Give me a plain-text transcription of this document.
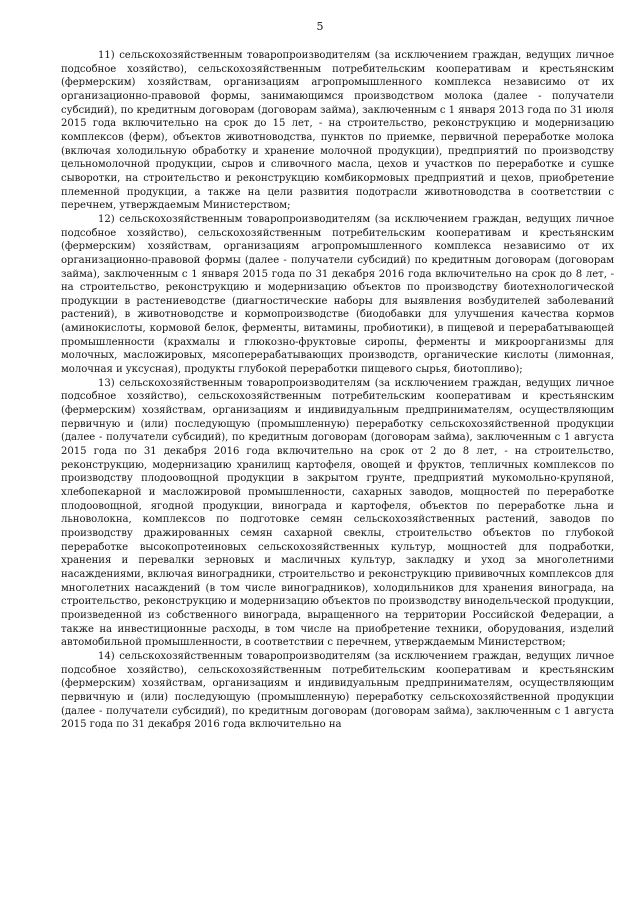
5

11) сельскохозяйственным товаропроизводителям (за исключением граждан, ведущих личное подсобное хозяйство), сельскохозяйственным потребительским кооперативам и крестьянским (фермерским) хозяйствам, организациям агропромышленного комплекса независимо от их организационно-правовой формы, занимающимся производством молока (далее - получатели субсидий), по кредитным договорам (договорам займа), заключенным с 1 января 2013 года по 31 июля 2015 года включительно на срок до 15 лет, - на строительство, реконструкцию и модернизацию комплексов (ферм), объектов животноводства, пунктов по приемке, первичной переработке молока (включая холодильную обработку и хранение молочной продукции), предприятий по производству цельномолочной продукции, сыров и сливочного масла, цехов и участков по переработке и сушке сыворотки, на строительство и реконструкцию комбикормовых предприятий и цехов, приобретение племенной продукции, а также на цели развития подотрасли животноводства в соответствии с перечнем, утверждаемым Министерством;

12) сельскохозяйственным товаропроизводителям (за исключением граждан, ведущих личное подсобное хозяйство), сельскохозяйственным потребительским кооперативам и крестьянским (фермерским) хозяйствам, организациям агропромышленного комплекса независимо от их организационно-правовой формы (далее - получатели субсидий) по кредитным договорам (договорам займа), заключенным с 1 января 2015 года по 31 декабря 2016 года включительно на срок до 8 лет, - на строительство, реконструкцию и модернизацию объектов по производству биотехнологической продукции в растениеводстве (диагностические наборы для выявления возбудителей заболеваний растений), в животноводстве и кормопроизводстве (биодобавки для улучшения качества кормов (аминокислоты, кормовой белок, ферменты, витамины, пробиотики), в пищевой и перерабатывающей промышленности (крахмалы и глюкозно-фруктовые сиропы, ферменты и микроорганизмы для молочных, масложировых, мясоперерабатывающих производств, органические кислоты (лимонная, молочная и уксусная), продукты глубокой переработки пищевого сырья, биотопливо);

13) сельскохозяйственным товаропроизводителям (за исключением граждан, ведущих личное подсобное хозяйство), сельскохозяйственным потребительским кооперативам и крестьянским (фермерским) хозяйствам, организациям и индивидуальным предпринимателям, осуществляющим первичную и (или) последующую (промышленную) переработку сельскохозяйственной продукции (далее - получатели субсидий), по кредитным договорам (договорам займа), заключенным с 1 августа 2015 года по 31 декабря 2016 года включительно на срок от 2 до 8 лет, - на строительство, реконструкцию, модернизацию хранилищ картофеля, овощей и фруктов, тепличных комплексов по производству плодоовощной продукции в закрытом грунте, предприятий мукомольно-крупяной, хлебопекарной и масложировой промышленности, сахарных заводов, мощностей по переработке плодоовощной, ягодной продукции, винограда и картофеля, объектов по переработке льна и льноволокна, комплексов по подготовке семян сельскохозяйственных растений, заводов по производству дражированных семян сахарной свеклы, строительство объектов по глубокой переработке высокопротеиновых сельскохозяйственных культур, мощностей для подработки, хранения и перевалки зерновых и масличных культур, закладку и уход за многолетними насаждениями, включая виноградники, строительство и реконструкцию прививочных комплексов для многолетних насаждений (в том числе виноградников), холодильников для хранения винограда, на строительство, реконструкцию и модернизацию объектов по производству винодельческой продукции, произведенной из собственного винограда, выращенного на территории Российской Федерации, а также на инвестиционные расходы, в том числе на приобретение техники, оборудования, изделий автомобильной промышленности, в соответствии с перечнем, утверждаемым Министерством;

14) сельскохозяйственным товаропроизводителям (за исключением граждан, ведущих личное подсобное хозяйство), сельскохозяйственным потребительским кооперативам и крестьянским (фермерским) хозяйствам, организациям и индивидуальным предпринимателям, осуществляющим первичную и (или) последующую (промышленную) переработку сельскохозяйственной продукции (далее - получатели субсидий), по кредитным договорам (договорам займа), заключенным с 1 августа 2015 года по 31 декабря 2016 года включительно на
